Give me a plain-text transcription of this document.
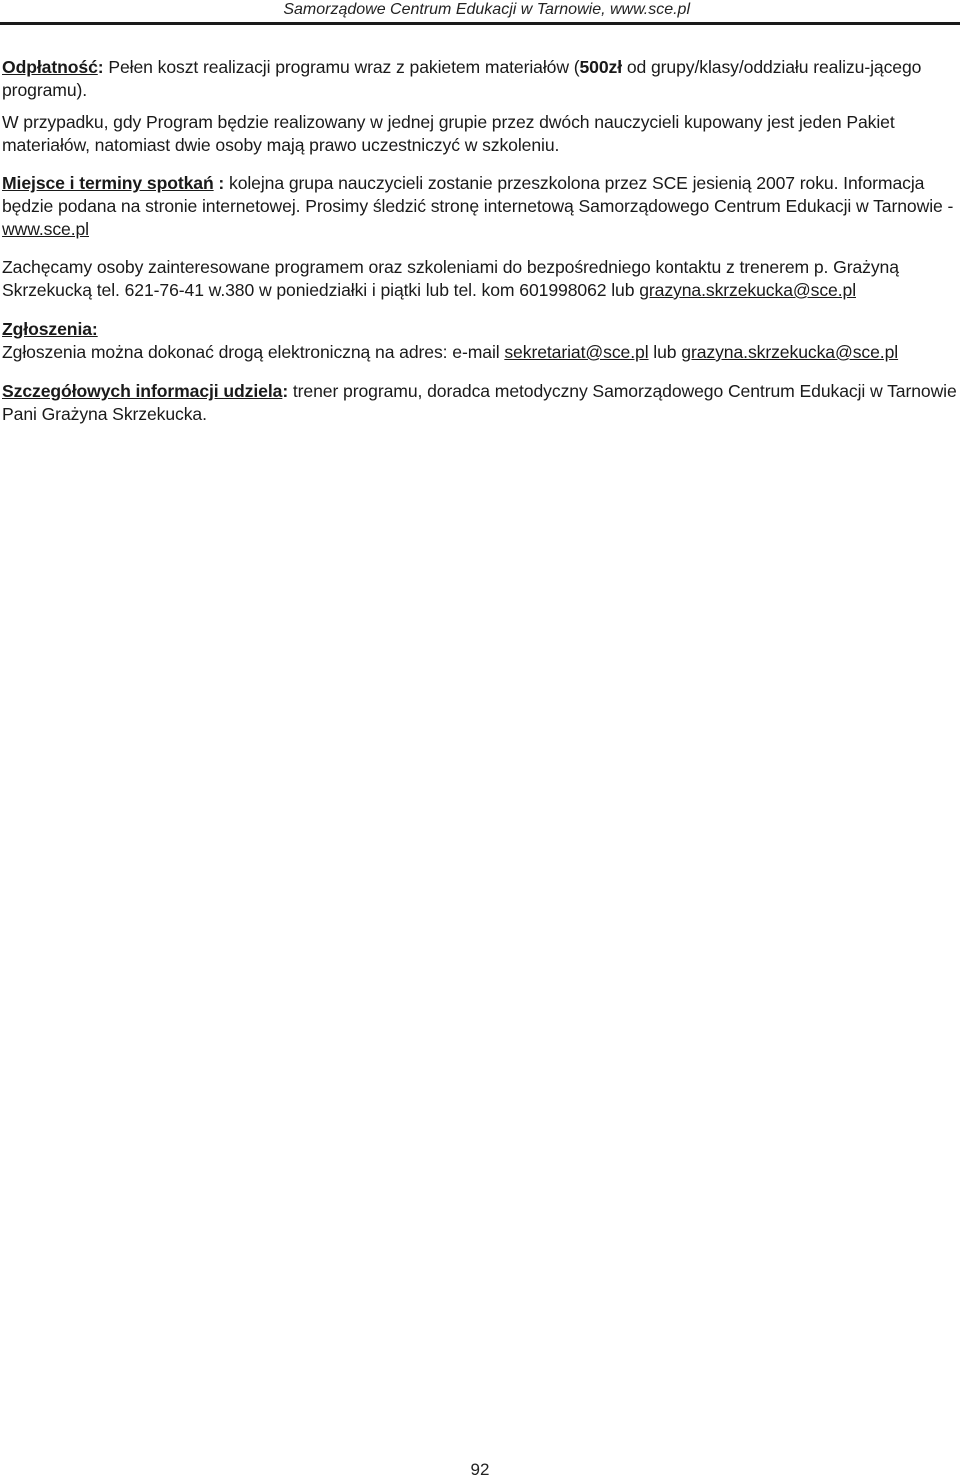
Samorządowe Centrum Edukacji w Tarnowie, www.sce.pl

Odpłatność: Pełen koszt realizacji programu wraz z pakietem materiałów (500zł od grupy/klasy/oddziału realizu-jącego programu).

W przypadku, gdy Program będzie realizowany w jednej grupie przez dwóch nauczycieli kupowany jest jeden Pakiet materiałów, natomiast dwie osoby mają prawo uczestniczyć w szkoleniu.

Miejsce i terminy spotkań : kolejna grupa nauczycieli zostanie przeszkolona przez SCE jesienią 2007 roku. Informacja będzie podana na stronie internetowej. Prosimy śledzić stronę internetową Samorządowego Centrum Edukacji w Tarnowie - www.sce.pl

Zachęcamy osoby zainteresowane programem oraz szkoleniami do bezpośredniego kontaktu z trenerem p. Grażyną Skrzekucką tel. 621-76-41 w.380 w poniedziałki i piątki lub tel. kom 601998062 lub grazyna.skrzekucka@sce.pl

Zgłoszenia:
Zgłoszenia można dokonać drogą elektroniczną na adres: e-mail sekretariat@sce.pl lub grazyna.skrzekucka@sce.pl

Szczegółowych informacji udziela: trener programu, doradca metodyczny Samorządowego Centrum Edukacji w Tarnowie Pani Grażyna Skrzekucka.

92
